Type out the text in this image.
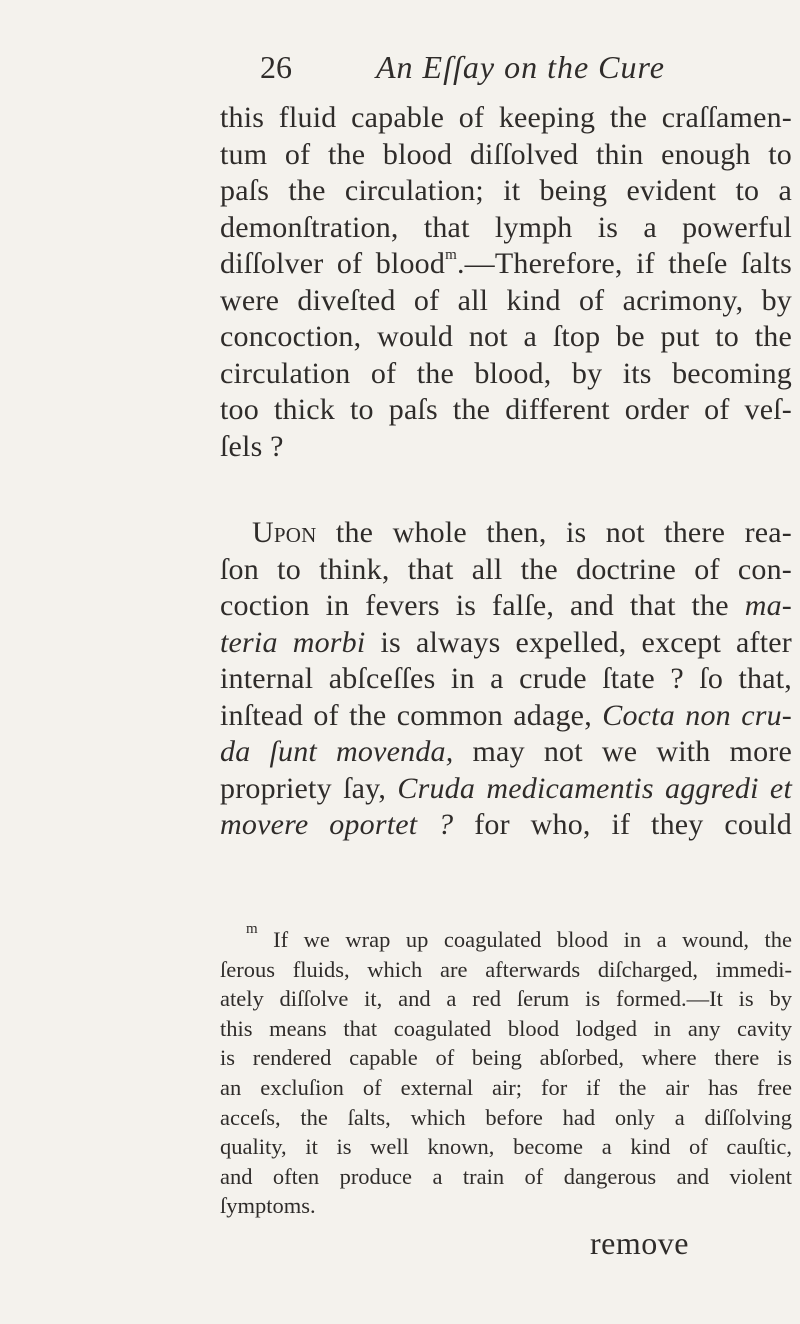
26	An Eſſay on the Cure

this fluid capable of keeping the craſſamen-

tum of the blood diſſolved thin enough to

paſs the circulation; it being evident to a

demonſtration, that lymph is a powerful

diſſolver of blood$^m$.—Therefore, if theſe ſalts

were diveſted of all kind of acrimony, by

concoction, would not a ſtop be put to the

circulation of the blood, by its becoming

too thick to paſs the different order of veſ-

ſels ?

Upon the whole then, is not there rea-

ſon to think, that all the doctrine of con-

coction in fevers is falſe, and that the ma-

teria morbi is always expelled, except after

internal abſceſſes in a crude ſtate ? ſo that,

inſtead of the common adage, Cocta non cru-

da ſunt movenda, may not we with more

propriety ſay, Cruda medicamentis aggredi et

movere oportet ? for who, if they could

$^m$ If we wrap up coagulated blood in a wound, the

ſerous fluids, which are afterwards diſcharged, immedi-

ately diſſolve it, and a red ſerum is formed.—It is by

this means that coagulated blood lodged in any cavity

is rendered capable of being abſorbed, where there is

an excluſion of external air; for if the air has free

acceſs, the ſalts, which before had only a diſſolving

quality, it is well known, become a kind of cauſtic,

and often produce a train of dangerous and violent

ſymptoms.

remove
